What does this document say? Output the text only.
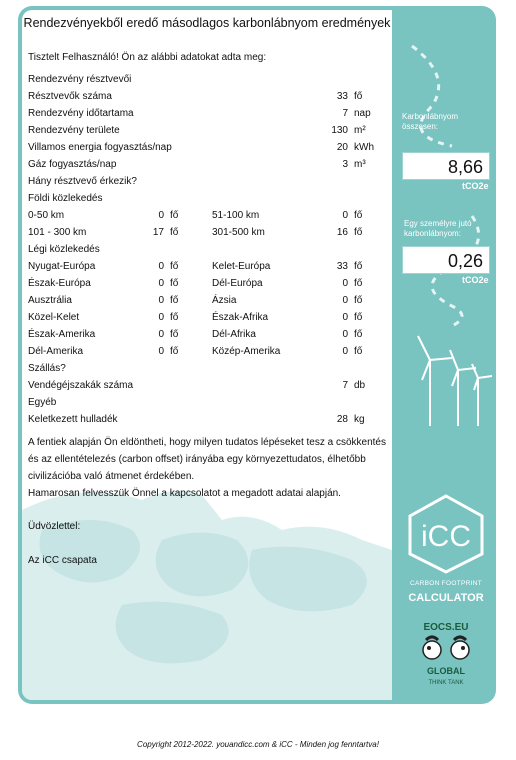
Rendezvényekből eredő másodlagos karbonlábnyom eredmények
Tisztelt Felhasználó! Ön az alábbi adatokat adta meg:
Rendezvény résztvevői
Résztvevők száma	33 fő
Rendezvény időtartama	7 nap
Rendezvény területe	130 m²
Villamos energia fogyasztás/nap	20 kWh
Gáz fogyasztás/nap	3 m³
Hány résztvevő érkezik?
Földi közlekedés
0-50 km	0 fő	51-100 km	0 fő
101 - 300 km	17 fő	301-500 km	16 fő
Légi közlekedés
Nyugat-Európa	0 fő	Kelet-Európa	33 fő
Észak-Európa	0 fő	Dél-Európa	0 fő
Ausztrália	0 fő	Ázsia	0 fő
Közel-Kelet	0 fő	Észak-Afrika	0 fő
Észak-Amerika	0 fő	Dél-Afrika	0 fő
Dél-Amerika	0 fő	Közép-Amerika	0 fő
Szállás?
Vendégéjszakák száma	7 db
Egyéb
Keletkezett hulladék	28 kg
A fentiek alapján Ön eldöntheti, hogy milyen tudatos lépéseket tesz a csökkentés
és az ellentételezés (carbon offset) irányába egy környezettudatos, élhetőbb
civilizációba való átmenet érdekében.
Hamarosan felvesszük Önnel a kapcsolatot a megadott adatai alapján.
Üdvözlettel:
Az iCC csapata
Karbonlábnyom
összesen:
8,66
tCO2e
Egy személyre jutó
karbonlábnyom:
0,26
tCO2e
iCC
CARBON FOOTPRINT
CALCULATOR
EOCS.EU
GLOBAL
THINK TANK
Copyright 2012-2022. youandicc.com & iCC - Minden jog fenntartva!
